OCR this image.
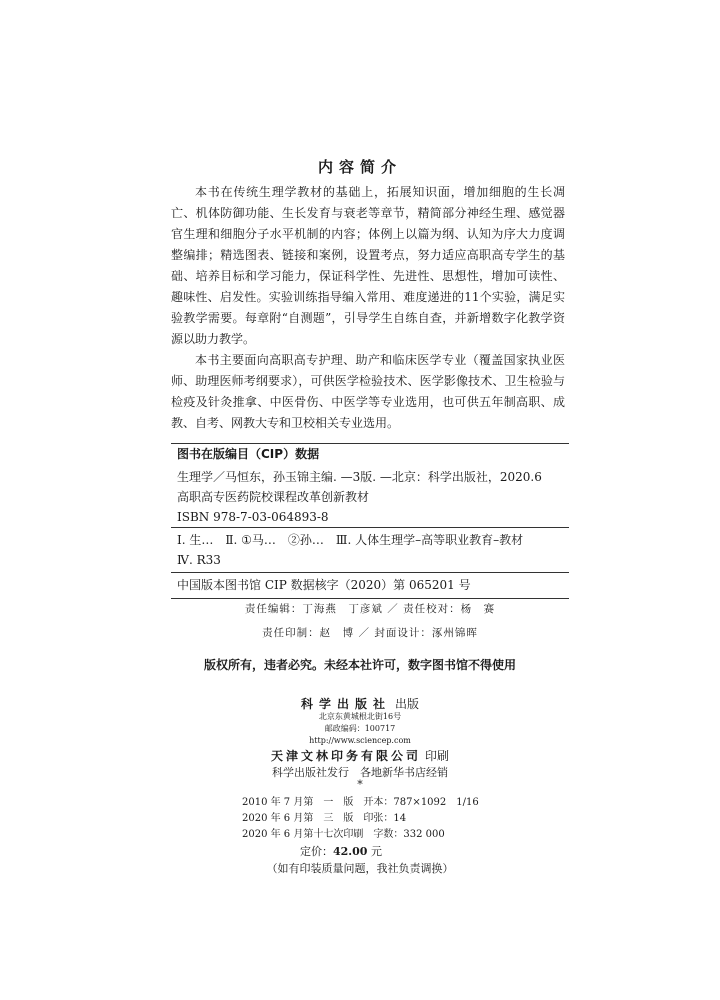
内容简介

本书在传统生理学教材的基础上，拓展知识面，增加细胞的生长凋亡、机体防御功能、生长发育与衰老等章节，精简部分神经生理、感觉器官生理和细胞分子水平机制的内容；体例上以篇为纲、认知为序大力度调整编排；精选图表、链接和案例，设置考点，努力适应高职高专学生的基础、培养目标和学习能力，保证科学性、先进性、思想性，增加可读性、趣味性、启发性。实验训练指导编入常用、难度递进的11个实验，满足实验教学需要。每章附“自测题”，引导学生自练自查，并新增数字化教学资源以助力教学。

本书主要面向高职高专护理、助产和临床医学专业（覆盖国家执业医师、助理医师考纲要求），可供医学检验技术、医学影像技术、卫生检验与检疫及针灸推拿、中医骨伤、中医学等专业选用，也可供五年制高职、成教、自考、网教大专和卫校相关专业选用。

图书在版编目（CIP）数据
生理学／马恒东，孙玉锦主编. —3版. —北京：科学出版社，2020.6
高职高专医药院校课程改革创新教材
ISBN 978-7-03-064893-8
Ⅰ. 生…　Ⅱ. ①马…　②孙…　Ⅲ. 人体生理学–高等职业教育–教材
Ⅳ. R33
中国版本图书馆 CIP 数据核字（2020）第 065201 号
责任编辑：丁海燕　丁彦斌 ／ 责任校对：杨　赛
责任印制：赵　博 ／ 封面设计：涿州锦晖
版权所有，违者必究。未经本社许可，数字图书馆不得使用
科学出版社 出版
北京东黄城根北街16号
邮政编码：100717
http://www.sciencep.com
天津文林印务有限公司 印刷
科学出版社发行　各地新华书店经销
*
2010 年 7 月第　一　版　开本：787×1092　1/16
2020 年 6 月第　三　版　印张：14
2020 年 6 月第十七次印刷　字数：332 000
定价：42.00 元
（如有印装质量问题，我社负责调换）
